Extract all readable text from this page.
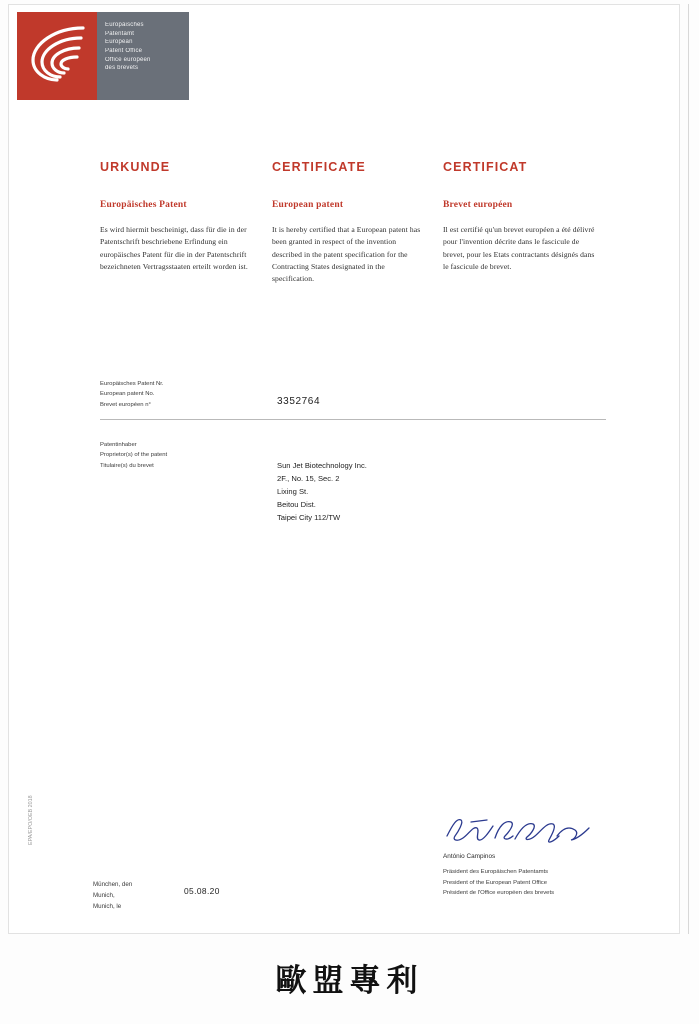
Europäisches
Patentamt
European
Patent Office
Office européen
des brevets
URKUNDE
Europäisches Patent

Es wird hiermit bescheinigt, dass für die in der Patentschrift beschriebene Erfindung ein europäisches Patent für die in der Patentschrift bezeichneten Vertragsstaaten erteilt worden ist.

CERTIFICATE
European patent

It is hereby certified that a European patent has been granted in respect of the invention described in the patent specification for the Contracting States designated in the specification.

CERTIFICAT
Brevet européen

Il est certifié qu'un brevet européen a été délivré pour l'invention décrite dans le fascicule de brevet, pour les Etats contractants désignés dans le fascicule de brevet.

Europäisches Patent Nr.
European patent No.
Brevet européen n°	3352764
Patentinhaber
Proprietor(s) of the patent
Titulaire(s) du brevet	Sun Jet Biotechnology Inc.
2F., No. 15, Sec. 2
Lixing St.
Beitou Dist.
Taipei City 112/TW
António Campinos
Präsident des Europäischen Patentamts
President of the European Patent Office
Président de l'Office européen des brevets
München, den
Munich,
Munich, le
05.08.20
EPA/EPO/OEB 2018
歐盟專利
